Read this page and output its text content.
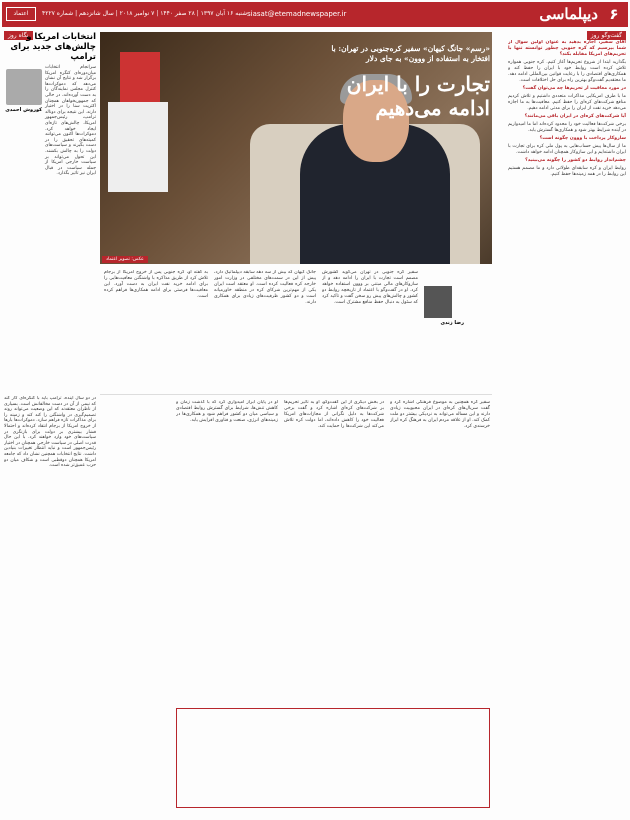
۶
دیپلماسی
siasat@etemadnewspaper.ir
شنبه ۱۶ آبان ۱۳۹۷ | ۲۸ صفر ۱۴۴۰ | ۷ نوامبر ۲۰۱۸ | سال شانزدهم | شماره ۴۲۲۷
اعتماد
گفت‌وگو روز
نگاه روز

آقای سفیر، اجازه بدهید به عنوان اولین سوال از شما بپرسیم که کره جنوبی چطور توانسته تنها با تحریم‌های امریکا مقابله بکند؟

بگذارید ابتدا از شروع تحریم‌ها آغاز کنیم. کره جنوبی همواره تلاش کرده است روابط خود با ایران را حفظ کند و همکاری‌های اقتصادی را با رعایت قوانین بین‌المللی ادامه دهد. ما معتقدیم گفت‌وگو بهترین راه برای حل اختلافات است.

در مورد معافیت از تحریم‌ها چه می‌توان گفت؟

ما با طرف امریکایی مذاکرات متعددی داشتیم و تلاش کردیم منافع شرکت‌های کره‌ای را حفظ کنیم. معافیت‌ها به ما اجازه می‌دهد خرید نفت از ایران را برای مدتی ادامه دهیم.

آیا شرکت‌های کره‌ای در ایران باقی می‌مانند؟

برخی شرکت‌ها فعالیت خود را محدود کرده‌اند اما ما امیدواریم در آینده شرایط بهتر شود و همکاری‌ها گسترش یابد.

سازوکار پرداخت با ووون چگونه است؟

ما از سال‌ها پیش حساب‌هایی به پول ملی کره برای تجارت با ایران داشته‌ایم و این سازوکار همچنان ادامه خواهد داشت.

چشم‌انداز روابط دو کشور را چگونه می‌بینید؟

روابط ایران و کره سابقه‌ای طولانی دارد و ما مصمم هستیم این روابط را در همه زمینه‌ها حفظ کنیم.

«رسم» جانگ کیهان» سفیر کره‌جنوبی در تهران: با افتخار به استفاده از ووون» به جای دلار
تجارت را با ایران ادامه می‌دهیم
عکس: تصویر اعتماد
انتخابات امریکا و چالش‌های جدید برای ترامپ
سرانجام انتخابات میان‌دوره‌ای کنگره امریکا برگزار شد و نتایج آن نشان می‌دهد که دموکرات‌ها کنترل مجلس نمایندگان را به دست آورده‌اند، در حالی که جمهوریخواهان همچنان اکثریت سنا را در اختیار دارند. این نتیجه برای دونالد ترامپ، رئیس‌جمهور امریکا، چالش‌های تازه‌ای ایجاد خواهد کرد. دموکرات‌ها اکنون می‌توانند کمیته‌های تحقیق را در دست بگیرند و سیاست‌های دولت را به چالش بکشند. این تحول می‌تواند بر سیاست خارجی امریکا از جمله سیاست در قبال ایران نیز تاثیر بگذارد.
کوروش احمدی
در دو سال آینده، ترامپ باید با کنگره‌ای کار کند که نیمی از آن در دست مخالفانش است. بسیاری از ناظران معتقدند که این وضعیت می‌تواند روند تصمیم‌گیری در واشنگتن را کند کند و زمینه را برای مذاکرات تازه فراهم سازد. دموکرات‌ها بارها از خروج امریکا از برجام انتقاد کرده‌اند و احتمالا فشار بیشتری بر دولت برای بازنگری در سیاست‌های خود وارد خواهند کرد. با این حال قدرت اصلی در سیاست خارجی همچنان در اختیار رئیس‌جمهور است و نباید انتظار تغییرات بنیادین داشت. نتایج انتخابات همچنین نشان داد که جامعه امریکا همچنان دوقطبی است و شکاف میان دو حزب عمیق‌تر شده است.
رضا زندی
سفیر کره جنوبی در تهران می‌گوید کشورش مصمم است تجارت با ایران را ادامه دهد و از سازوکارهای مالی مبتنی بر ووون استفاده خواهد کرد. او در گفت‌وگو با اعتماد از تاریخچه روابط دو کشور و چالش‌های پیش رو سخن گفت و تاکید کرد که سئول به دنبال حفظ منافع مشترک است.
جانگ کیهان که بیش از سه دهه سابقه دیپلماتیک دارد، پیش از این در سمت‌های مختلفی در وزارت امور خارجه کره فعالیت کرده است. او معتقد است ایران یکی از مهم‌ترین شرکای کره در منطقه خاورمیانه است و دو کشور ظرفیت‌های زیادی برای همکاری دارند.
به گفته او، کره جنوبی پس از خروج امریکا از برجام تلاش کرد از طریق مذاکره با واشنگتن معافیت‌هایی را برای ادامه خرید نفت ایران به دست آورد. این معافیت‌ها فرصتی برای ادامه همکاری‌ها فراهم کرده است.
سفیر کره همچنین به موضوع فرهنگی اشاره کرد و گفت سریال‌های کره‌ای در ایران محبوبیت زیادی دارند و این مساله می‌تواند به نزدیکی بیشتر دو ملت کمک کند. او از علاقه مردم ایران به فرهنگ کره ابراز خرسندی کرد.
در بخش دیگری از این گفت‌وگو، او به تاثیر تحریم‌ها بر شرکت‌های کره‌ای اشاره کرد و گفت برخی شرکت‌ها به دلیل نگرانی از مجازات‌های امریکا فعالیت خود را کاهش داده‌اند، اما دولت کره تلاش می‌کند این شرکت‌ها را حمایت کند.
او در پایان ابراز امیدواری کرد که با گذشت زمان و کاهش تنش‌ها، شرایط برای گسترش روابط اقتصادی و سیاسی میان دو کشور فراهم شود و همکاری‌ها در زمینه‌های انرژی، صنعت و فناوری افزایش یابد.
